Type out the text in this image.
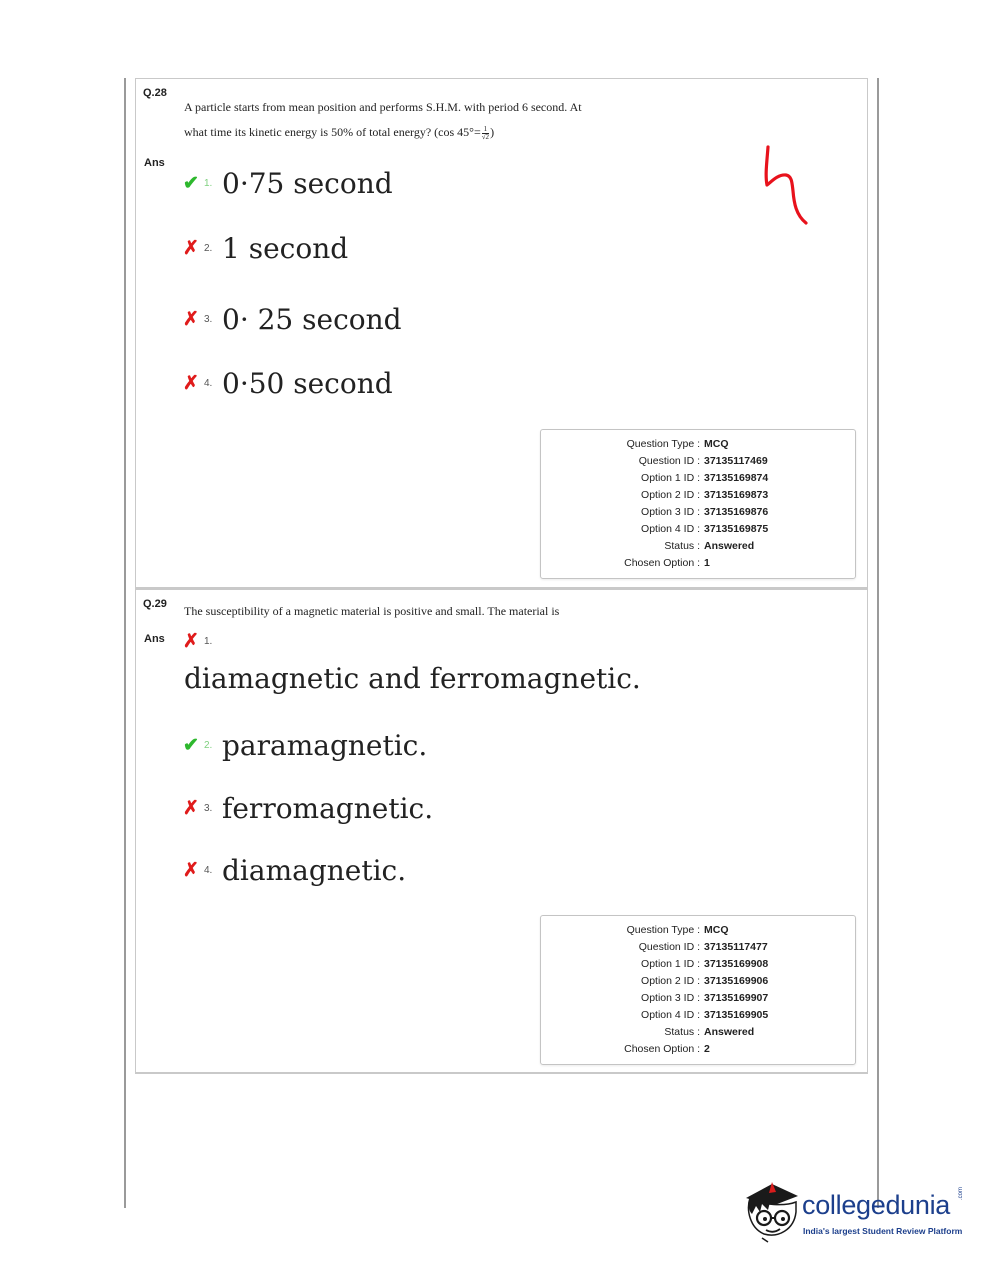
Q.28
A particle starts from mean position and performs S.H.M. with period 6 second. At
what time its kinetic energy is 50% of total energy? (cos $45^\circ= \frac{1}{√2}$)
Ans
✔ 1. 0·75 second
✗ 2. 1 second
✗ 3. 0· 25 second
✗ 4. 0·50 second
Question Type : MCQ
Question ID : 37135117469
Option 1 ID : 37135169874
Option 2 ID : 37135169873
Option 3 ID : 37135169876
Option 4 ID : 37135169875
Status : Answered
Chosen Option : 1
Q.29 The susceptibility of a magnetic material is positive and small. The material is
Ans ✗ 1.
diamagnetic and ferromagnetic.
✔ 2. paramagnetic.
✗ 3. ferromagnetic.
✗ 4. diamagnetic.
Question Type : MCQ
Question ID : 37135117477
Option 1 ID : 37135169908
Option 2 ID : 37135169906
Option 3 ID : 37135169907
Option 4 ID : 37135169905
Status : Answered
Chosen Option : 2
collegedunia .com
India's largest Student Review Platform
